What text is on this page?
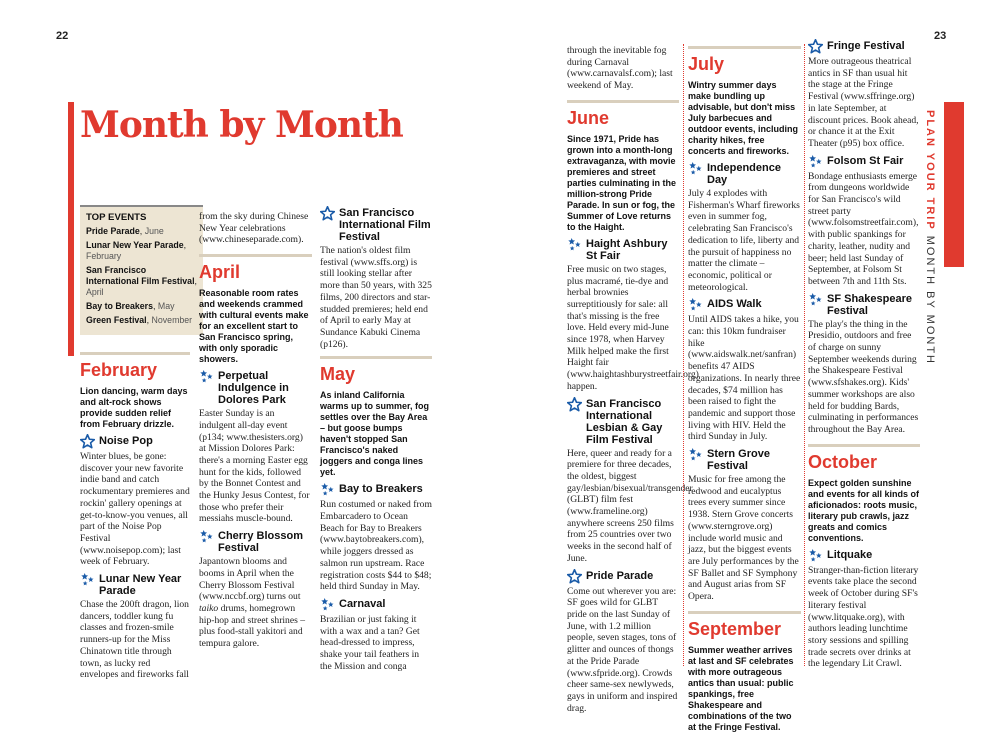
22	23
Month by Month	PLAN YOUR TRIP MONTH BY MONTH
TOP EVENTS
Pride Parade, June
Lunar New Year Parade, February
San Francisco International Film Festival, April
Bay to Breakers, May
Green Festival, November
February

Lion dancing, warm days and alt-rock shows provide sudden relief from February drizzle.

Noise Pop

Winter blues, be gone: discover your new favorite indie band and catch rockumentary premieres and rockin' gallery openings at get-to-know-you venues, all part of the Noise Pop Festival (www.noisepop.com); last week of February.

Lunar New Year Parade

Chase the 200ft dragon, lion dancers, toddler kung fu classes and frozen-smile runners-up for the Miss Chinatown title through town, as lucky red envelopes and fireworks fall

from the sky during Chinese New Year celebrations (www.chineseparade.com).

April

Reasonable room rates and weekends crammed with cultural events make for an excellent start to San Francisco spring, with only sporadic showers.

Perpetual Indulgence in Dolores Park

Easter Sunday is an indulgent all-day event (p134; www.thesisters.org) at Mission Dolores Park: there's a morning Easter egg hunt for the kids, followed by the Bonnet Contest and the Hunky Jesus Contest, for those who prefer their messiahs muscle-bound.

Cherry Blossom Festival

Japantown blooms and booms in April when the Cherry Blossom Festival (www.nccbf.org) turns out taiko drums, homegrown hip-hop and street shrines – plus food-stall yakitori and tempura galore.

San Francisco International Film Festival

The nation's oldest film festival (www.sffs.org) is still looking stellar after more than 50 years, with 325 films, 200 directors and star-studded premieres; held end of April to early May at Sundance Kabuki Cinema (p126).

May

As inland California warms up to summer, fog settles over the Bay Area – but goose bumps haven't stopped San Francisco's naked joggers and conga lines yet.

Bay to Breakers

Run costumed or naked from Embarcadero to Ocean Beach for Bay to Breakers (www.baytobreakers.com), while joggers dressed as salmon run upstream. Race registration costs $44 to $48; held third Sunday in May.

Carnaval

Brazilian or just faking it with a wax and a tan? Get head-dressed to impress, shake your tail feathers in the Mission and conga

through the inevitable fog during Carnaval (www.carnavalsf.com); last weekend of May.

June

Since 1971, Pride has grown into a month-long extravaganza, with movie premieres and street parties culminating in the million-strong Pride Parade. In sun or fog, the Summer of Love returns to the Haight.

Haight Ashbury St Fair

Free music on two stages, plus macramé, tie-dye and herbal brownies surreptitiously for sale: all that's missing is the free love. Held every mid-June since 1978, when Harvey Milk helped make the first Haight fair (www.haightashburystreetfair.org) happen.

San Francisco International Lesbian & Gay Film Festival

Here, queer and ready for a premiere for three decades, the oldest, biggest gay/lesbian/bisexual/transgender (GLBT) film fest (www.frameline.org) anywhere screens 250 films from 25 countries over two weeks in the second half of June.

Pride Parade

Come out wherever you are: SF goes wild for GLBT pride on the last Sunday of June, with 1.2 million people, seven stages, tons of glitter and ounces of thongs at the Pride Parade (www.sfpride.org). Crowds cheer same-sex newlyweds, gays in uniform and inspired drag.

July

Wintry summer days make bundling up advisable, but don't miss July barbecues and outdoor events, including charity hikes, free concerts and fireworks.

Independence Day

July 4 explodes with Fisherman's Wharf fireworks even in summer fog, celebrating San Francisco's dedication to life, liberty and the pursuit of happiness no matter the climate – economic, political or meteorological.

AIDS Walk

Until AIDS takes a hike, you can: this 10km fundraiser hike (www.aidswalk.net/sanfran) benefits 47 AIDS organizations. In nearly three decades, $74 million has been raised to fight the pandemic and support those living with HIV. Held the third Sunday in July.

Stern Grove Festival

Music for free among the redwood and eucalyptus trees every summer since 1938. Stern Grove concerts (www.sterngrove.org) include world music and jazz, but the biggest events are July performances by the SF Ballet and SF Symphony and August arias from SF Opera.

September

Summer weather arrives at last and SF celebrates with more outrageous antics than usual: public spankings, free Shakespeare and combinations of the two at the Fringe Festival.

Fringe Festival

More outrageous theatrical antics in SF than usual hit the stage at the Fringe Festival (www.sffringe.org) in late September, at discount prices. Book ahead, or chance it at the Exit Theater (p95) box office.

Folsom St Fair

Bondage enthusiasts emerge from dungeons worldwide for San Francisco's wild street party (www.folsomstreetfair.com), with public spankings for charity, leather, nudity and beer; held last Sunday of September, at Folsom St between 7th and 11th Sts.

SF Shakespeare Festival

The play's the thing in the Presidio, outdoors and free of charge on sunny September weekends during the Shakespeare Festival (www.sfshakes.org). Kids' summer workshops are also held for budding Bards, culminating in performances throughout the Bay Area.

October

Expect golden sunshine and events for all kinds of aficionados: roots music, literary pub crawls, jazz greats and comics conventions.

Litquake

Stranger-than-fiction literary events take place the second week of October during SF's literary festival (www.litquake.org), with authors leading lunchtime story sessions and spilling trade secrets over drinks at the legendary Lit Crawl.
